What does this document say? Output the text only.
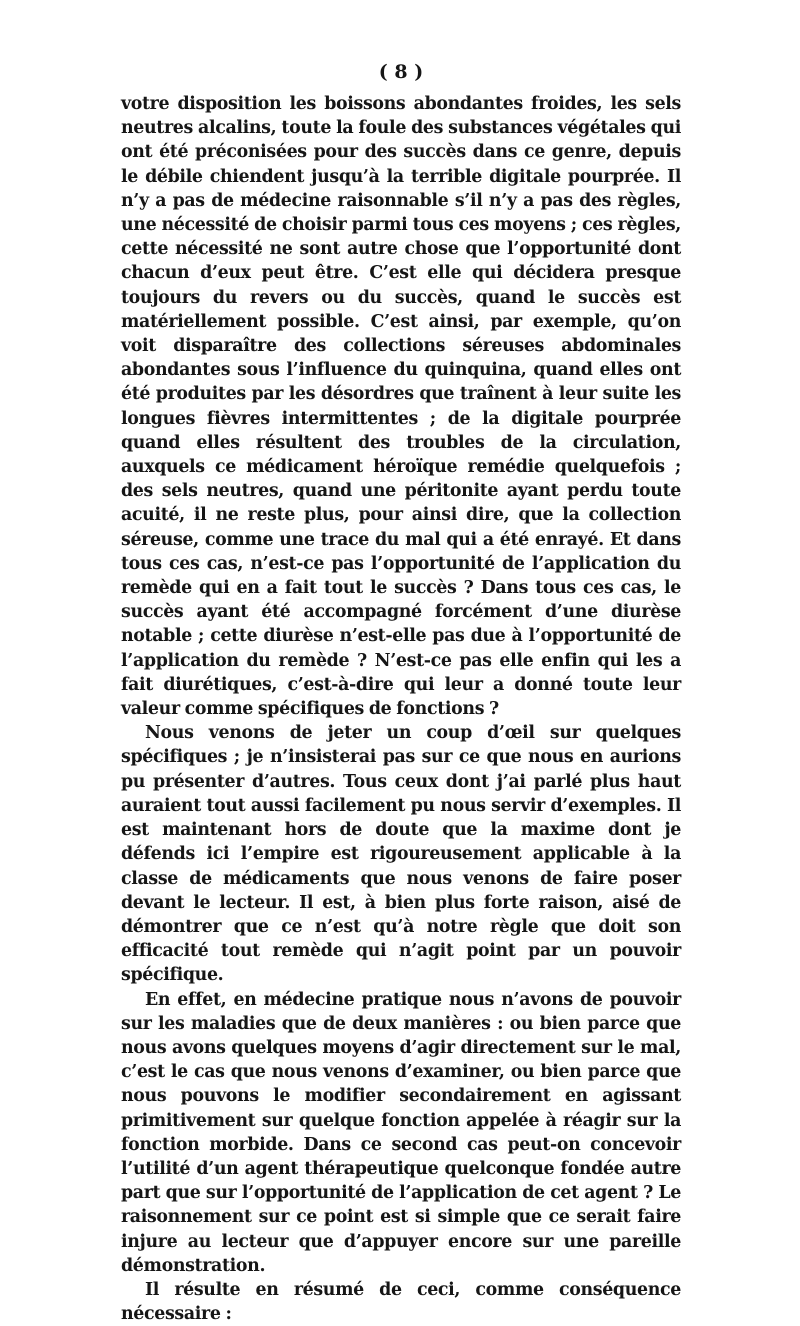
( 8 )

votre disposition les boissons abondantes froides, les sels neutres alcalins, toute la foule des substances végétales qui ont été préconisées pour des succès dans ce genre, depuis le débile chiendent jusqu’à la terrible digitale pourprée. Il n’y a pas de médecine raisonnable s’il n’y a pas des règles, une nécessité de choisir parmi tous ces moyens ; ces règles, cette nécessité ne sont autre chose que l’opportunité dont chacun d’eux peut être. C’est elle qui décidera presque toujours du revers ou du succès, quand le succès est matériellement possible. C’est ainsi, par exemple, qu’on voit disparaître des collections séreuses abdominales abondantes sous l’influence du quinquina, quand elles ont été produites par les désordres que traînent à leur suite les longues fièvres intermittentes ; de la digitale pourprée quand elles résultent des troubles de la circulation, auxquels ce médicament héroïque remédie quelquefois ; des sels neutres, quand une péritonite ayant perdu toute acuité, il ne reste plus, pour ainsi dire, que la collection séreuse, comme une trace du mal qui a été enrayé. Et dans tous ces cas, n’est-ce pas l’opportunité de l’application du remède qui en a fait tout le succès ? Dans tous ces cas, le succès ayant été accompagné forcément d’une diurèse notable ; cette diurèse n’est-elle pas due à l’opportunité de l’application du remède ? N’est-ce pas elle enfin qui les a fait diurétiques, c’est-à-dire qui leur a donné toute leur valeur comme spécifiques de fonctions ?

Nous venons de jeter un coup d’œil sur quelques spécifiques ; je n’insisterai pas sur ce que nous en aurions pu présenter d’autres. Tous ceux dont j’ai parlé plus haut auraient tout aussi facilement pu nous servir d’exemples. Il est maintenant hors de doute que la maxime dont je défends ici l’empire est rigoureusement applicable à la classe de médicaments que nous venons de faire poser devant le lecteur. Il est, à bien plus forte raison, aisé de démontrer que ce n’est qu’à notre règle que doit son efficacité tout remède qui n’agit point par un pouvoir spécifique.

En effet, en médecine pratique nous n’avons de pouvoir sur les maladies que de deux manières : ou bien parce que nous avons quelques moyens d’agir directement sur le mal, c’est le cas que nous venons d’examiner, ou bien parce que nous pouvons le modifier secondairement en agissant primitivement sur quelque fonction appelée à réagir sur la fonction morbide. Dans ce second cas peut-on concevoir l’utilité d’un agent thérapeutique quelconque fondée autre part que sur l’opportunité de l’application de cet agent ? Le raisonnement sur ce point est si simple que ce serait faire injure au lecteur que d’appuyer encore sur une pareille démonstration.

Il résulte en résumé de ceci, comme conséquence nécessaire :
